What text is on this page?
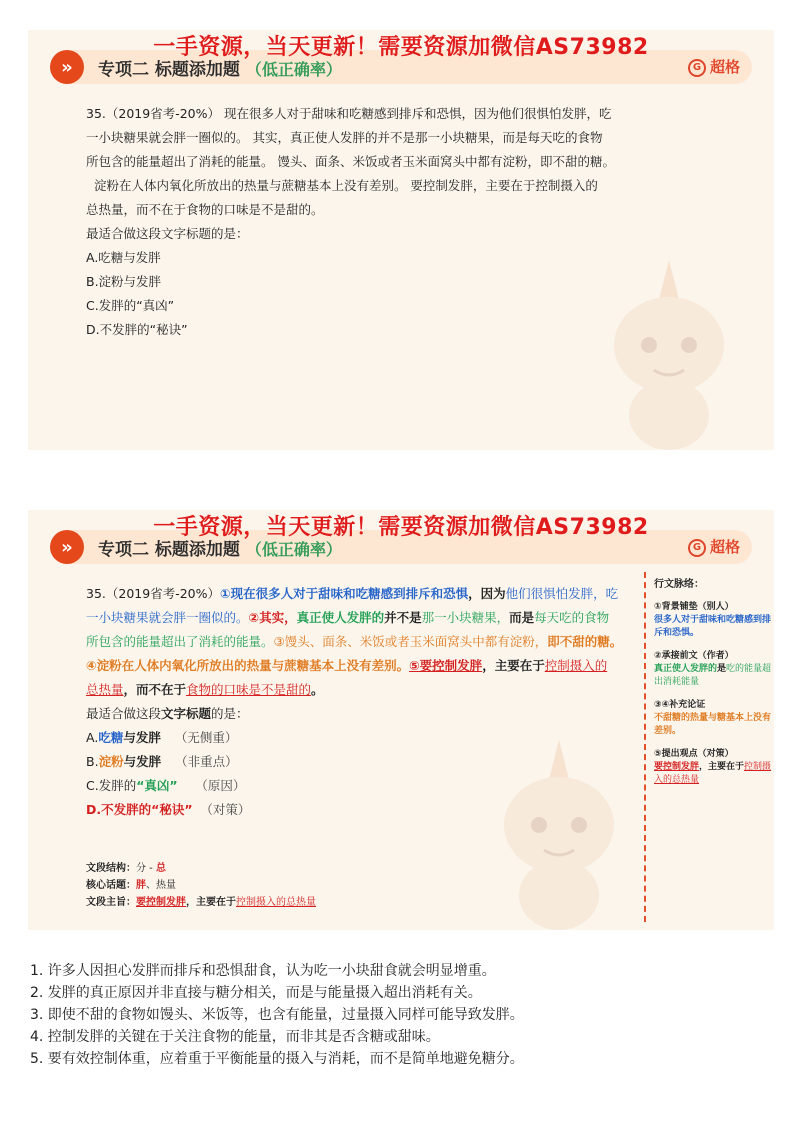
一手资源，当天更新！需要资源加微信AS73982
»	专项二 标题添加题 （低正确率）	G 超格

35.（2019省考-20%） 现在很多人对于甜味和吃糖感到排斥和恐惧，因为他们很惧怕发胖，吃

一小块糖果就会胖一圈似的。 其实，真正使人发胖的并不是那一小块糖果，而是每天吃的食物

所包含的能量超出了消耗的能量。 馒头、面条、米饭或者玉米面窝头中都有淀粉，即不甜的糖。

淀粉在人体内氧化所放出的热量与蔗糖基本上没有差别。 要控制发胖，主要在于控制摄入的

总热量，而不在于食物的口味是不是甜的。

最适合做这段文字标题的是：

A.吃糖与发胖

B.淀粉与发胖

C.发胖的“真凶”

D.不发胖的“秘诀”

一手资源，当天更新！需要资源加微信AS73982
»	专项二 标题添加题 （低正确率）	G 超格

35.（2019省考-20%）①现在很多人对于甜味和吃糖感到排斥和恐惧，因为他们很惧怕发胖，吃

一小块糖果就会胖一圈似的。②其实，真正使人发胖的并不是那一小块糖果，而是每天吃的食物

所包含的能量超出了消耗的能量。③馒头、面条、米饭或者玉米面窝头中都有淀粉，即不甜的糖。

④淀粉在人体内氧化所放出的热量与蔗糖基本上没有差别。⑤要控制发胖，主要在于控制摄入的

总热量，而不在于食物的口味是不是甜的。

最适合做这段文字标题的是：

A.吃糖与发胖 （无侧重）

B.淀粉与发胖 （非重点）

C.发胖的“真凶” （原因）

D.不发胖的“秘诀” （对策）

文段结构：分 - 总
核心话题：胖、热量
文段主旨：要控制发胖，主要在于控制摄入的总热量
行文脉络：
①背景铺垫（别人）
很多人对于甜味和吃糖感到排斥和恐惧。
②承接前文（作者）
真正使人发胖的是吃的能量超出消耗能量
③④补充论证
不甜糖的热量与糖基本上没有差别。
⑤提出观点（对策）
要控制发胖，主要在于控制摄入的总热量
1. 许多人因担心发胖而排斥和恐惧甜食，认为吃一小块甜食就会明显增重。
2. 发胖的真正原因并非直接与糖分相关，而是与能量摄入超出消耗有关。
3. 即使不甜的食物如馒头、米饭等，也含有能量，过量摄入同样可能导致发胖。
4. 控制发胖的关键在于关注食物的能量，而非其是否含糖或甜味。
5. 要有效控制体重，应着重于平衡能量的摄入与消耗，而不是简单地避免糖分。
